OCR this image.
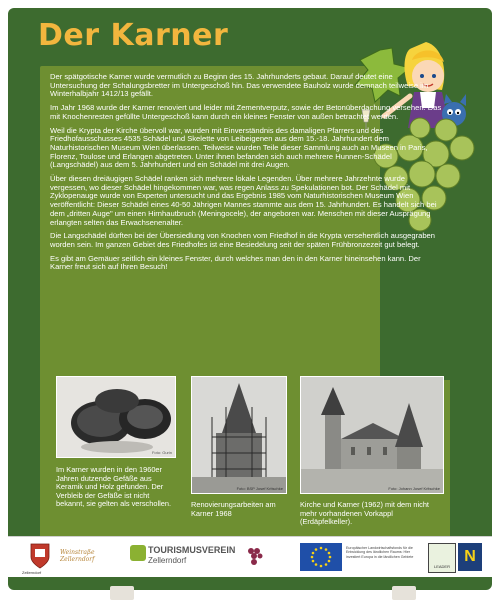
Der Karner

Der spätgotische Karner wurde vermutlich zu Beginn des 15. Jahrhunderts gebaut. Darauf deutet eine Untersuchung der Schalungsbretter im Untergeschoß hin. Das verwendete Bauholz wurde demnach teilweise im Winterhalbjahr 1412/13 gefällt.

Im Jahr 1968 wurde der Karner renoviert und leider mit Zementverputz, sowie der Betonüberdachung versehen. Das mit Knochenresten gefüllte Untergeschoß kann durch ein kleines Fenster von außen betrachtet werden.

Weil die Krypta der Kirche übervoll war, wurden mit Einverständnis des damaligen Pfarrers und des Friedhofausschusses 4535 Schädel und Skelette von Leibeigenen aus dem 15.-18. Jahrhundert dem Naturhistorischen Museum Wien überlassen. Teilweise wurden Teile dieser Sammlung auch an Museen in Paris, Florenz, Toulose und Erlangen abgetreten. Unter ihnen befanden sich auch mehrere Hunnen-Schädel (Langschädel) aus dem 5. Jahrhundert und ein Schädel mit drei Augen.

Über diesen dreiäugigen Schädel ranken sich mehrere lokale Legenden. Über mehrere Jahrzehnte wurde vergessen, wo dieser Schädel hingekommen war, was regen Anlass zu Spekulationen bot. Der Schädel mit Zyklopenauge wurde von Experten untersucht und das Ergebnis 1985 vom Naturhistorischen Museum Wien veröffentlicht: Dieser Schädel eines 40-50 Jährigen Mannes stammte aus dem 15. Jahrhundert. Es handelt sich bei dem „dritten Auge" um einen Hirnhautbruch (Meningocele), der angeboren war. Menschen mit dieser Ausprägung erlangten selten das Erwachsenenalter.

Die Langschädel dürften bei der Übersiedlung von Knochen vom Friedhof in die Krypta versehentlich ausgegraben worden sein. Im ganzen Gebiet des Friedhofes ist eine Besiedelung seit der späten Frühbronzezeit gut belegt.

Es gibt am Gemäuer seitlich ein kleines Fenster, durch welches man den in den Karner hineinsehen kann. Der Karner freut sich auf Ihren Besuch!

Foto: Gurin

Im Karner wurden in den 1960er Jahren dutzende Gefäße aus Keramik und Holz gefunden. Der Verbleib der Gefäße ist nicht bekannt, sie gelten als verschollen.

Foto: BSP Josef Kritschke

Renovierungsarbeiten am Karner 1968

Foto: Johann Josef Kritschke

Kirche und Karner (1962) mit dem nicht mehr vorhandenen Vorkappl (Erdäpfelkeller).

Zellerndorf
Weinstraße Zellerndorf
TOURISMUSVEREIN
Zellerndorf
Europäischer Landwirtschaftsfonds für die Entwicklung des ländlichen Raums: Hier investiert Europa in die ländlichen Gebiete
LEADER
N
